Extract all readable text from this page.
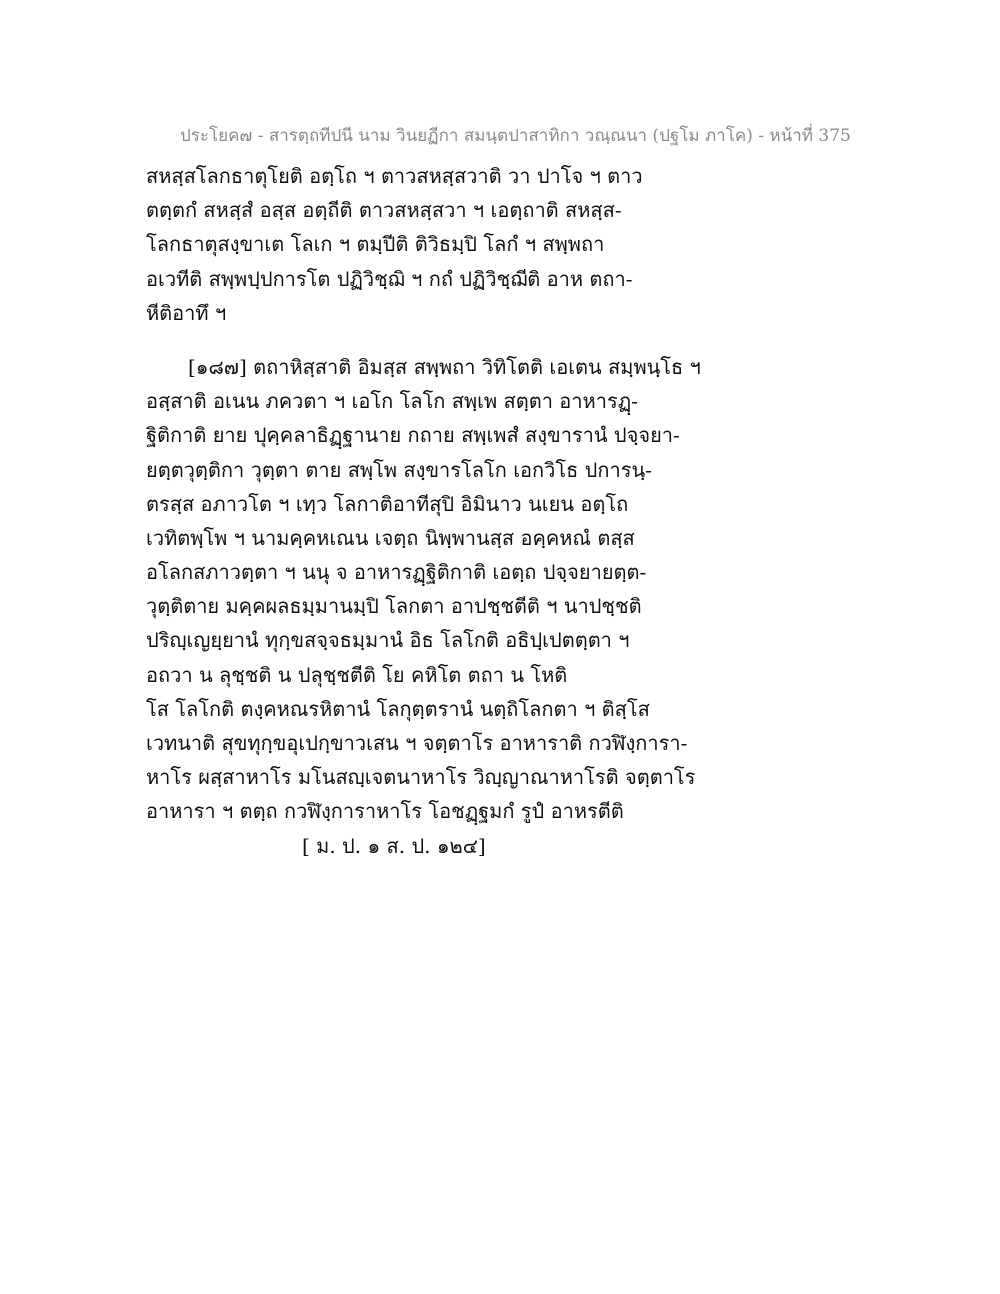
ประโยค๗ - สารตฺถทีปนี นาม วินยฏีกา สมนฺตปาสาทิกา วณฺณนา (ปฐโม ภาโค) - หน้าที่ 375
สหสฺสโลกธาตุโยติ อตฺโถ ฯ ตาวสหสฺสวาติ วา ปาโจ ฯ ตาว
ตตฺตกํ สหสฺสํ อสฺส อตฺถีติ ตาวสหสฺสวา ฯ เอตฺถาติ สหสฺส-
โลกธาตุสงฺขาเต โลเก ฯ ตมฺปีติ ติวิธมฺปิ โลกํ ฯ สพฺพถา
อเวทีติ สพฺพปฺปการโต ปฏิวิชฺฌิ ฯ กถํ ปฏิวิชฺฌีติ อาห ตถา-
หีติอาทึ ฯ
[๑๘๗] ตถาหิสฺสาติ อิมสฺส สพฺพถา วิทิโตติ เอเตน สมฺพนฺโธ ฯ
อสฺสาติ อเนน ภควตา ฯ เอโก โลโก สพฺเพ สตฺตา อาหารฏฺ-
ฐิติกาติ ยาย ปุคฺคลาธิฏฺฐานาย กถาย สพฺเพสํ สงฺขารานํ ปจฺจยา-
ยตฺตวุตฺติกา วุตฺตา ตาย สพฺโพ สงฺขารโลโก เอกวิโธ ปการนฺ-
ตรสฺส อภาวโต ฯ เทฺว โลกาติอาทีสุปิ อิมินาว นเยน อตฺโถ
เวทิตพฺโพ ฯ นามคฺคหเณน เจตฺถ นิพฺพานสฺส อคฺคหณํ ตสฺส
อโลกสภาวตฺตา ฯ นนุ จ อาหารฏฺฐิติกาติ เอตฺถ ปจฺจยายตฺต-
วุตฺติตาย มคฺคผลธมฺมานมฺปิ โลกตา อาปชฺชตีติ ฯ นาปชฺชติ
ปริญฺเญยฺยานํ ทุกฺขสจฺจธมฺมานํ อิธ โลโกติ อธิปฺเปตตฺตา ฯ
อถวา น ลุชฺชติ น ปลุชฺชตีติ โย คหิโต ตถา น โหติ
โส โลโกติ ตงฺคหณรหิตานํ โลกุตฺตรานํ นตฺถิโลกตา ฯ ติสฺโส
เวทนาติ สุขทุกฺขอุเปกฺขาวเสน ฯ จตฺตาโร อาหาราติ กวฬิงฺการา-
หาโร ผสฺสาหาโร มโนสญฺเจตนาหาโร วิญฺญาณาหาโรติ จตฺตาโร
อาหารา ฯ ตตฺถ กวฬิงฺการาหาโร โอชฏฺฐมกํ รูปํ อาหรตีติ
[ ม. ป. ๑ ส. ป. ๑๒๔]
